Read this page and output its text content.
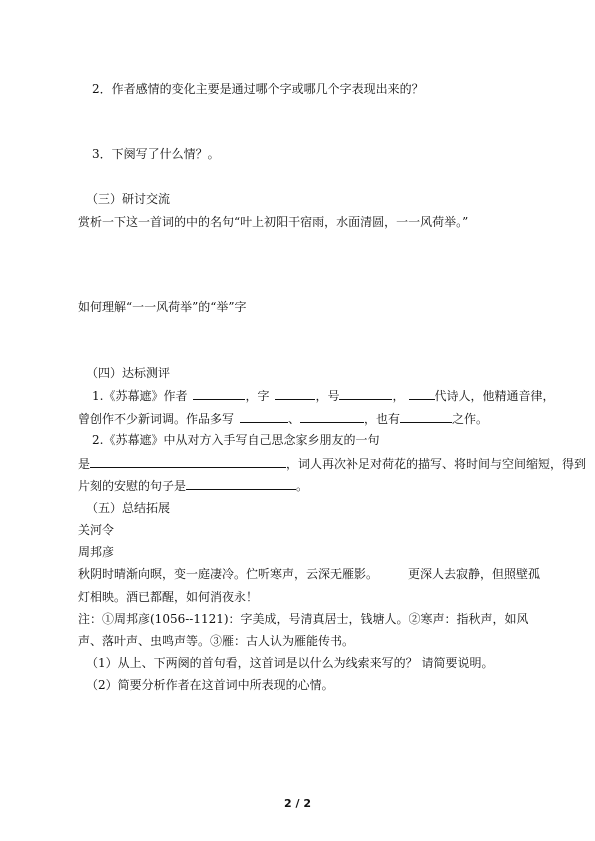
2．作者感情的变化主要是通过哪个字或哪几个字表现出来的？
3．下阕写了什么情？。
（三）研讨交流
赏析一下这一首词的中的名句“叶上初阳干宿雨，水面清圆，一一风荷举。”
如何理解“一一风荷举”的“举”字
（四）达标测评
1.《苏幕遮》作者	，字	，号	，	代诗人，他精通音律，
曾创作不少新词调。作品多写	、	，也有	之作。
2.《苏幕遮》中从对方入手写自己思念家乡朋友的一句
是	，词人再次补足对荷花的描写、将时间与空间缩短，得到
片刻的安慰的句子是	。
（五）总结拓展
关河令
周邦彦
秋阴时晴渐向暝，变一庭凄冷。伫听寒声，云深无雁影。	更深人去寂静，但照壁孤
灯相映。酒已都醒，如何消夜永！
注：①周邦彦(1056--1121)：字美成，号清真居士，钱塘人。②寒声：指秋声，如风
声、落叶声、虫鸣声等。③雁：古人认为雁能传书。
（1）从上、下两阕的首句看，这首词是以什么为线索来写的？ 请简要说明。
（2）简要分析作者在这首词中所表现的心情。
2 / 2
